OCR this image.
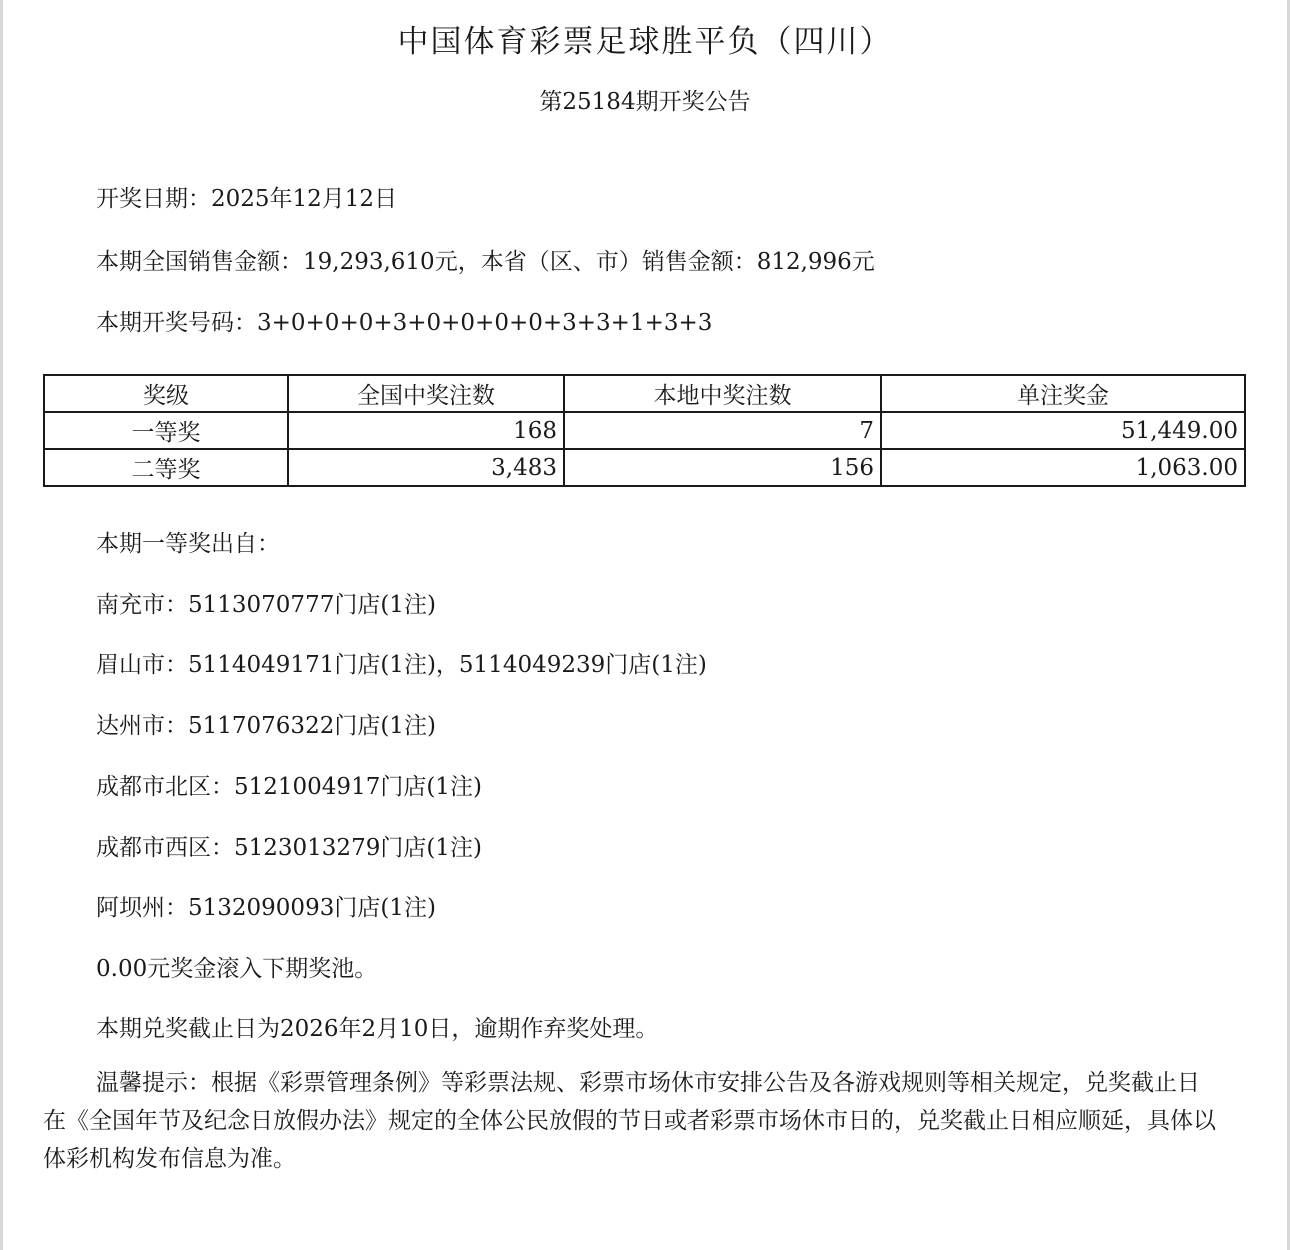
中国体育彩票足球胜平负（四川）
第25184期开奖公告
开奖日期：2025年12月12日
本期全国销售金额：19,293,610元，本省（区、市）销售金额：812,996元
本期开奖号码：3+0+0+0+3+0+0+0+0+3+3+1+3+3
奖级	全国中奖注数	本地中奖注数	单注奖金
一等奖	168	7	51,449.00
二等奖	3,483	156	1,063.00
本期一等奖出自：
南充市：5113070777门店(1注)
眉山市：5114049171门店(1注)，5114049239门店(1注)
达州市：5117076322门店(1注)
成都市北区：5121004917门店(1注)
成都市西区：5123013279门店(1注)
阿坝州：5132090093门店(1注)
0.00元奖金滚入下期奖池。
本期兑奖截止日为2026年2月10日，逾期作弃奖处理。

温馨提示：根据《彩票管理条例》等彩票法规、彩票市场休市安排公告及各游戏规则等相关规定，兑奖截止日在《全国年节及纪念日放假办法》规定的全体公民放假的节日或者彩票市场休市日的，兑奖截止日相应顺延，具体以体彩机构发布信息为准。
